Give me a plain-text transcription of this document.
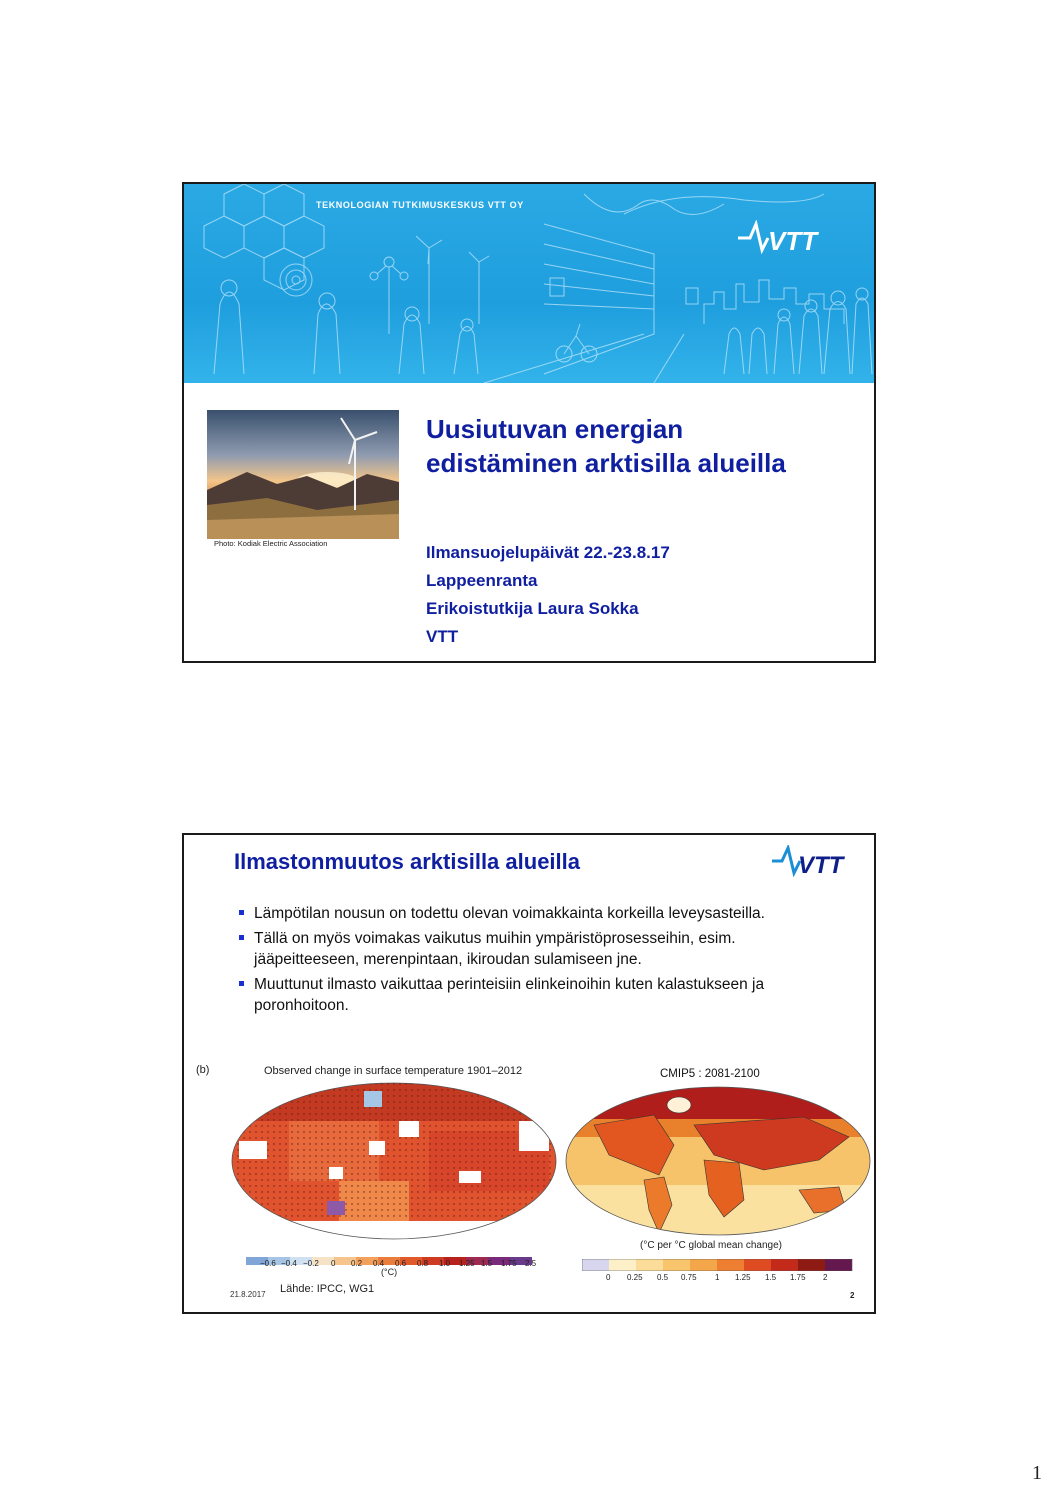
TEKNOLOGIAN TUTKIMUSKESKUS VTT OY
VTT
Photo: Kodiak Electric Association
Uusiutuvan energian
edistäminen arktisilla alueilla
Ilmansuojelupäivät 22.-23.8.17
Lappeenranta
Erikoistutkija Laura Sokka
VTT
Ilmastonmuutos arktisilla alueilla	VTT
Lämpötilan nousun on todettu olevan voimakkainta korkeilla leveysasteilla.
Tällä on myös voimakas vaikutus muihin ympäristöprosesseihin, esim. jääpeitteeseen, merenpintaan, ikiroudan sulamiseen jne.
Muuttunut ilmasto vaikuttaa perinteisiin elinkeinoihin kuten kalastukseen ja poronhoitoon.
(b)	Observed change in surface temperature 1901–2012	CMIP5 : 2081-2100
−0.6 −0.4 −0.2 0 0.2 0.4 0.6 0.8 1.0 1.25 1.5 1.75 2.5
(°C)
(°C per °C global mean change)
0 0.25 0.5 0.75 1 1.25 1.5 1.75 2
21.8.2017 Lähde: IPCC, WG1
2
1
